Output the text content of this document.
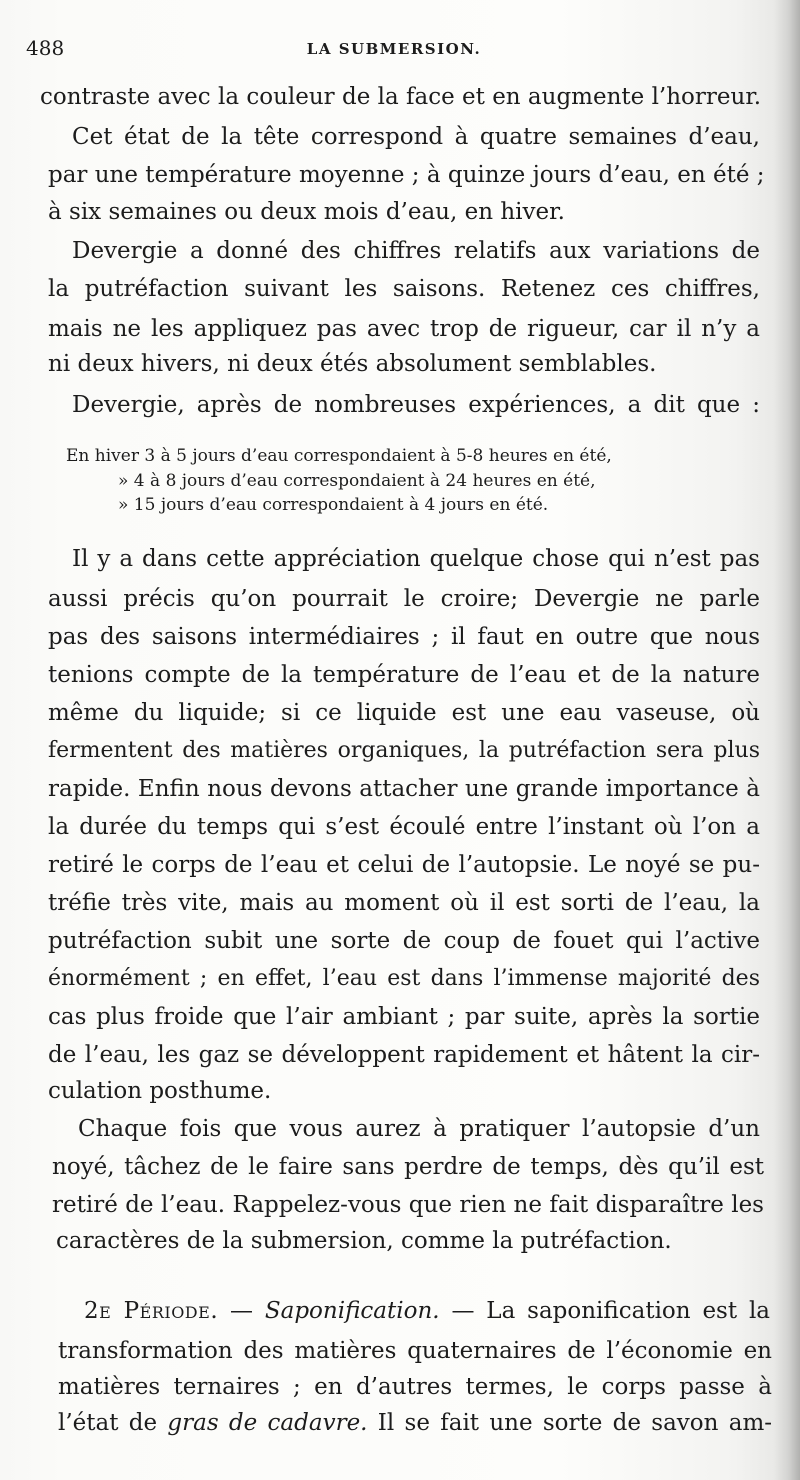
488	LA SUBMERSION.
contraste avec la couleur de la face et en augmente l’horreur.
Cet état de la tête correspond à quatre semaines d’eau,
par une température moyenne ; à quinze jours d’eau, en été ;
à six semaines ou deux mois d’eau, en hiver.
Devergie a donné des chiffres relatifs aux variations de
la putréfaction suivant les saisons. Retenez ces chiffres,
mais ne les appliquez pas avec trop de rigueur, car il n’y a
ni deux hivers, ni deux étés absolument semblables.
Devergie, après de nombreuses expériences, a dit que :
En hiver 3 à 5 jours d’eau correspondaient à 5-8 heures en été,
» 4 à 8 jours d’eau correspondaient à 24 heures en été,
» 15 jours d’eau correspondaient à 4 jours en été.
Il y a dans cette appréciation quelque chose qui n’est pas
aussi précis qu’on pourrait le croire; Devergie ne parle
pas des saisons intermédiaires ; il faut en outre que nous
tenions compte de la température de l’eau et de la nature
même du liquide; si ce liquide est une eau vaseuse, où
fermentent des matières organiques, la putréfaction sera plus
rapide. Enfin nous devons attacher une grande importance à
la durée du temps qui s’est écoulé entre l’instant où l’on a
retiré le corps de l’eau et celui de l’autopsie. Le noyé se pu-
tréfie très vite, mais au moment où il est sorti de l’eau, la
putréfaction subit une sorte de coup de fouet qui l’active
énormément ; en effet, l’eau est dans l’immense majorité des
cas plus froide que l’air ambiant ; par suite, après la sortie
de l’eau, les gaz se développent rapidement et hâtent la cir-
culation posthume.
Chaque fois que vous aurez à pratiquer l’autopsie d’un
noyé, tâchez de le faire sans perdre de temps, dès qu’il est
retiré de l’eau. Rappelez-vous que rien ne fait disparaître les
caractères de la submersion, comme la putréfaction.
2e Période. — Saponification. — La saponification est la
transformation des matières quaternaires de l’économie en
matières ternaires ; en d’autres termes, le corps passe à
l’état de gras de cadavre. Il se fait une sorte de savon am-
